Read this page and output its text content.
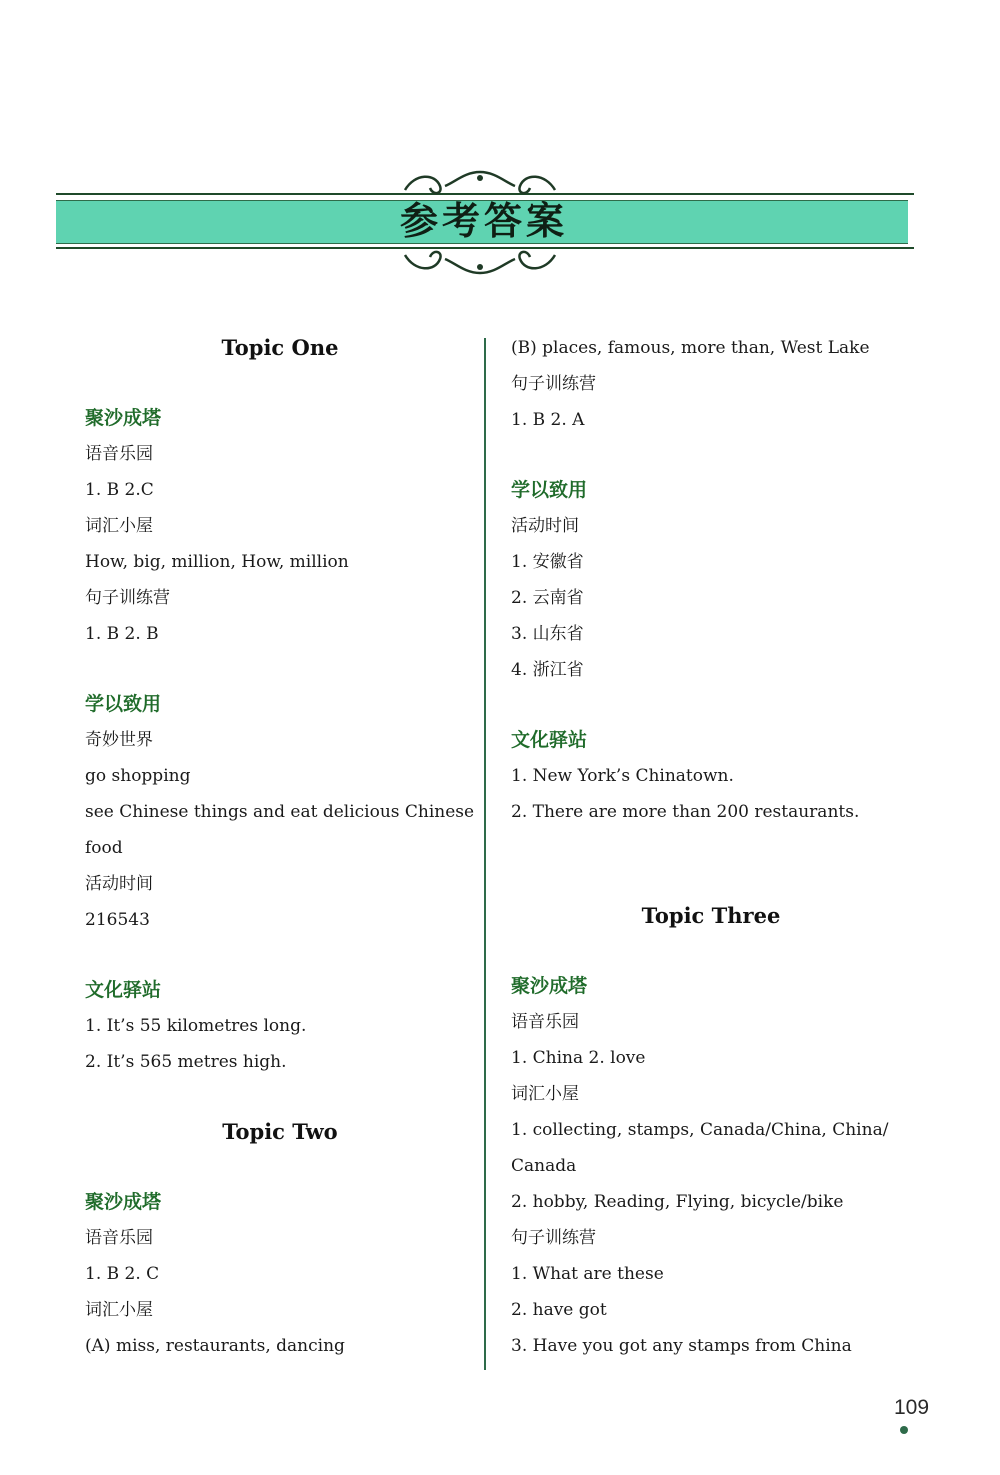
参考答案

Topic One

聚沙成塔

语音乐园

1. B 2.C

词汇小屋

How, big, million, How, million

句子训练营

1. B 2. B

学以致用

奇妙世界

go shopping

see Chinese things and eat delicious Chinese food

活动时间

216543

文化驿站

1. It’s 55 kilometres long.

2. It’s 565 metres high.

Topic Two

聚沙成塔

语音乐园

1. B 2. C

词汇小屋

(A) miss, restaurants, dancing

(B) places, famous, more than, West Lake

句子训练营

1. B 2. A

学以致用

活动时间

1. 安徽省

2. 云南省

3. 山东省

4. 浙江省

文化驿站

1. New York’s Chinatown.

2. There are more than 200 restaurants.

Topic Three

聚沙成塔

语音乐园

1. China 2. love

词汇小屋

1. collecting, stamps, Canada/China, China/ Canada

2. hobby, Reading, Flying, bicycle/bike

句子训练营

1. What are these

2. have got

3. Have you got any stamps from China

109
